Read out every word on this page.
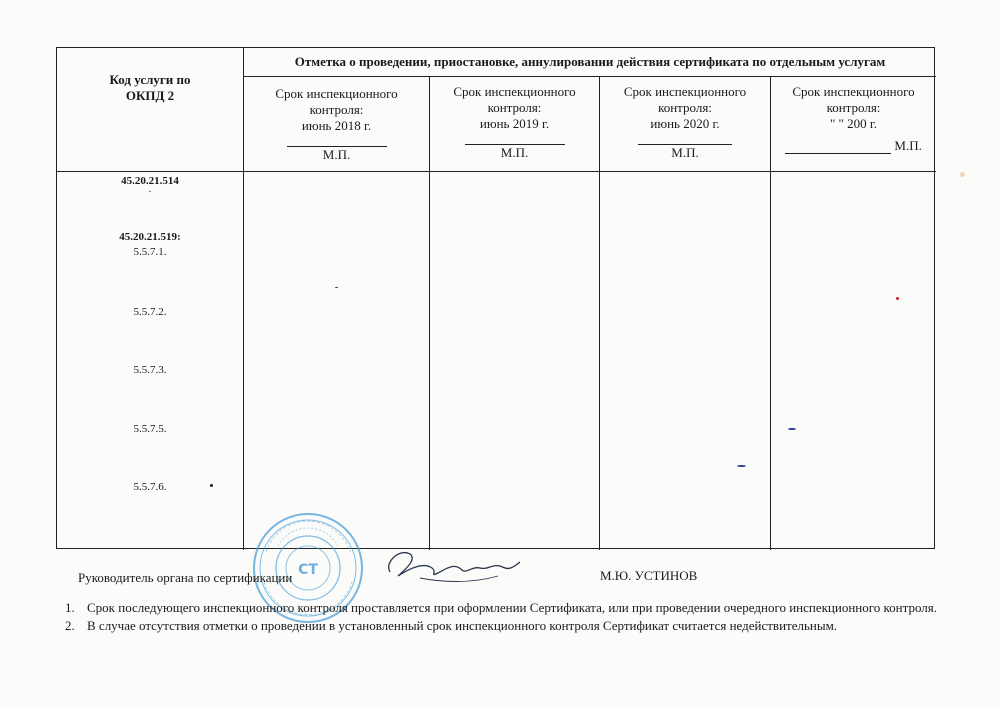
Код услуги по
ОКПД 2
Отметка о проведении, приостановке, аннулировании действия сертификата по отдельным услугам
Срок инспекционного
контроля:
июнь 2018 г.
М.П.
Срок инспекционного
контроля:
июнь 2019 г.
М.П.
Срок инспекционного
контроля:
июнь 2020 г.
М.П.
Срок инспекционного
контроля:
" " 200 г.
М.П.
45.20.21.514
·
45.20.21.519:
5.5.7.1.
5.5.7.2.
5.5.7.3.
5.5.7.5.
5.5.7.6.
СТ
Руководитель органа по сертификации	М.Ю. УСТИНОВ
1. Срок последующего инспекционного контроля проставляется при оформлении Сертификата, или при проведении очередного инспекционного контроля.
2. В случае отсутствия отметки о проведении в установленный срок инспекционного контроля Сертификат считается недействительным.
